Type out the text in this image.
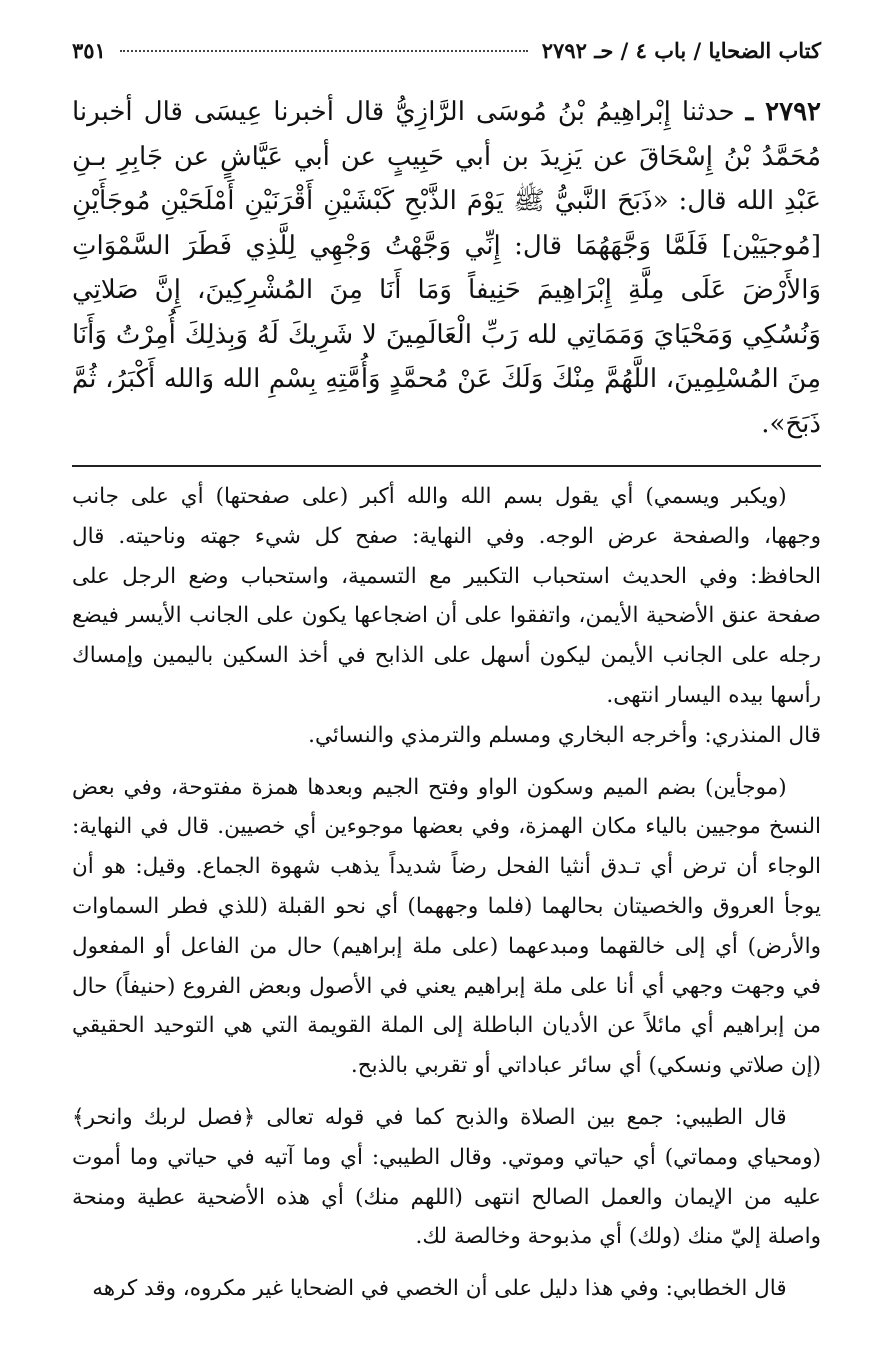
كتاب الضحايا / باب ٤ / حـ ٢٧٩٢
٣٥١

٢٧٩٢ ـ حدثنا إِبْراهِيمُ بْنُ مُوسَى الرَّازِيُّ قال أخبرنا عِيسَى قال أخبرنا مُحَمَّدُ بْنُ إِسْحَاقَ عن يَزِيدَ بن أبي حَبِيبٍ عن أبي عَيَّاشٍ عن جَابِرِ بـنِ عَبْدِ الله قال: «ذَبَحَ النَّبيُّ ﷺ يَوْمَ الذَّبْحِ كَبْشَيْنِ أَقْرَنَيْنِ أَمْلَحَيْنِ مُوجَأَيْنِ [مُوجيَيْن] فَلَمَّا وَجَّهَهُمَا قال: إِنِّي وَجَّهْتُ وَجْهِي لِلَّذِي فَطَرَ السَّمْوَاتِ وَالأَرْضَ عَلَى مِلَّةِ إِبْرَاهِيمَ حَنِيفاً وَمَا أَنَا مِنَ المُشْرِكِينَ، إِنَّ صَلاتِي وَنُسُكِي وَمَحْيَايَ وَمَمَاتِي لله رَبِّ الْعَالَمِينَ لا شَرِيكَ لَهُ وَبِذلِكَ أُمِرْتُ وَأَنَا مِنَ المُسْلِمِينَ، اللَّهُمَّ مِنْكَ وَلَكَ عَنْ مُحمَّدٍ وَأُمَّتِهِ بِسْمِ الله وَالله أَكْبَرُ، ثُمَّ ذَبَحَ».

(ويكبر ويسمي) أي يقول بسم الله والله أكبر (على صفحتها) أي على جانب وجهها، والصفحة عرض الوجه. وفي النهاية: صفح كل شيء جهته وناحيته. قال الحافظ: وفي الحديث استحباب التكبير مع التسمية، واستحباب وضع الرجل على صفحة عنق الأضحية الأيمن، واتفقوا على أن اضجاعها يكون على الجانب الأيسر فيضع رجله على الجانب الأيمن ليكون أسهل على الذابح في أخذ السكين باليمين وإمساك رأسها بيده اليسار انتهى.

قال المنذري: وأخرجه البخاري ومسلم والترمذي والنسائي.

(موجأين) بضم الميم وسكون الواو وفتح الجيم وبعدها همزة مفتوحة، وفي بعض النسخ موجيين بالياء مكان الهمزة، وفي بعضها موجوءين أي خصيين. قال في النهاية: الوجاء أن ترض أي تـدق أنثيا الفحل رضاً شديداً يذهب شهوة الجماع. وقيل: هو أن يوجأ العروق والخصيتان بحالهما (فلما وجههما) أي نحو القبلة (للذي فطر السماوات والأرض) أي إلى خالقهما ومبدعهما (على ملة إبراهيم) حال من الفاعل أو المفعول في وجهت وجهي أي أنا على ملة إبراهيم يعني في الأصول وبعض الفروع (حنيفاً) حال من إبراهيم أي مائلاً عن الأديان الباطلة إلى الملة القويمة التي هي التوحيد الحقيقي (إن صلاتي ونسكي) أي سائر عباداتي أو تقربي بالذبح.

قال الطيبي: جمع بين الصلاة والذبح كما في قوله تعالى ﴿فصل لربك وانحر﴾ (ومحياي ومماتي) أي حياتي وموتي. وقال الطيبي: أي وما آتيه في حياتي وما أموت عليه من الإيمان والعمل الصالح انتهى (اللهم منك) أي هذه الأضحية عطية ومنحة واصلة إليّ منك (ولك) أي مذبوحة وخالصة لك.

قال الخطابي: وفي هذا دليل على أن الخصي في الضحايا غير مكروه، وقد كرهه
